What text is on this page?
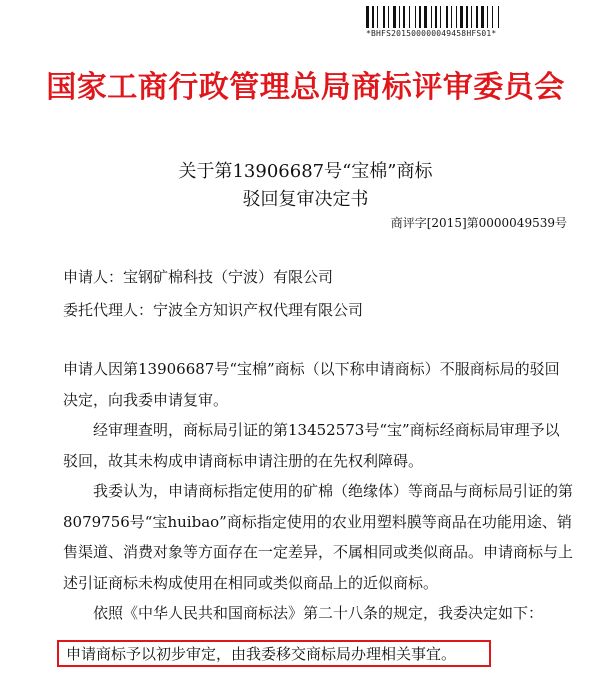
*BHFS201500000049458HFS01*
国家工商行政管理总局商标评审委员会
关于第13906687号“宝棉”商标
驳回复审决定书
商评字[2015]第0000049539号
申请人：宝钢矿棉科技（宁波）有限公司
委托代理人：宁波全方知识产权代理有限公司

申请人因第13906687号“宝棉”商标（以下称申请商标）不服商标局的驳回决定，向我委申请复审。

经审理查明，商标局引证的第13452573号“宝”商标经商标局审理予以驳回，故其未构成申请商标申请注册的在先权利障碍。

我委认为，申请商标指定使用的矿棉（绝缘体）等商品与商标局引证的第8079756号“宝huibao”商标指定使用的农业用塑料膜等商品在功能用途、销售渠道、消费对象等方面存在一定差异，不属相同或类似商品。申请商标与上述引证商标未构成使用在相同或类似商品上的近似商标。

依照《中华人民共和国商标法》第二十八条的规定，我委决定如下：

申请商标予以初步审定，由我委移交商标局办理相关事宜。
